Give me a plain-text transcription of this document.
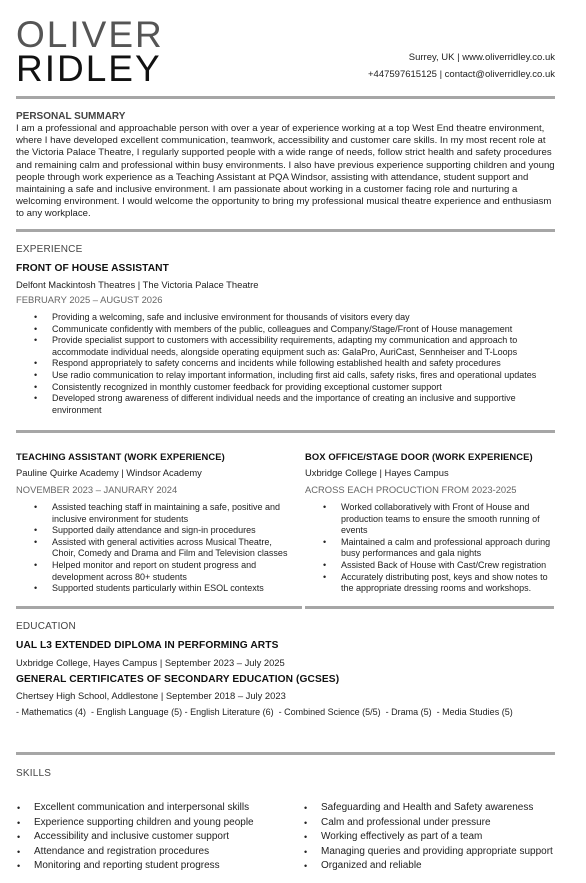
OLIVER
RIDLEY	Surrey, UK | www.oliverridley.co.uk
+447597615125 | contact@oliverridley.co.uk
PERSONAL SUMMARY
I am a professional and approachable person with over a year of experience working at a top West End theatre environment, where I have developed excellent communication, teamwork, accessibility and customer care skills. In my most recent role at the Victoria Palace Theatre, I regularly supported people with a wide range of needs, follow strict health and safety procedures and remaining calm and professional within busy environments. I also have previous experience supporting children and young people through work experience as a Teaching Assistant at PQA Windsor, assisting with attendance, student support and maintaining a safe and inclusive environment. I am passionate about working in a customer facing role and nurturing a welcoming environment. I would welcome the opportunity to bring my professional musical theatre experience and enthusiasm to any workplace.
EXPERIENCE
FRONT OF HOUSE ASSISTANT
Delfont Mackintosh Theatres | The Victoria Palace Theatre
FEBRUARY 2025 – AUGUST 2026
• Providing a welcoming, safe and inclusive environment for thousands of visitors every day
• Communicate confidently with members of the public, colleagues and Company/Stage/Front of House management
• Provide specialist support to customers with accessibility requirements, adapting my communication and approach to accommodate individual needs, alongside operating equipment such as: GalaPro, AuriCast, Sennheiser and T-Loops
• Respond appropriately to safety concerns and incidents while following established health and safety procedures
• Use radio communication to relay important information, including first aid calls, safety risks, fires and operational updates
• Consistently recognized in monthly customer feedback for providing exceptional customer support
• Developed strong awareness of different individual needs and the importance of creating an inclusive and supportive environment
TEACHING ASSISTANT (WORK EXPERIENCE)
Pauline Quirke Academy | Windsor Academy
NOVEMBER 2023 – JANURARY 2024
• Assisted teaching staff in maintaining a safe, positive and inclusive environment for students
• Supported daily attendance and sign-in procedures
• Assisted with general activities across Musical Theatre, Choir, Comedy and Drama and Film and Television classes
• Helped monitor and report on student progress and development across 80+ students
• Supported students particularly within ESOL contexts
BOX OFFICE/STAGE DOOR (WORK EXPERIENCE)
Uxbridge College | Hayes Campus
ACROSS EACH PROCUCTION FROM 2023-2025
• Worked collaboratively with Front of House and production teams to ensure the smooth running of events
• Maintained a calm and professional approach during busy performances and gala nights
• Assisted Back of House with Cast/Crew registration
• Accurately distributing post, keys and show notes to the appropriate dressing rooms and workshops.
EDUCATION
UAL L3 EXTENDED DIPLOMA IN PERFORMING ARTS
Uxbridge College, Hayes Campus | September 2023 – July 2025
GENERAL CERTIFICATES OF SECONDARY EDUCATION (GCSES)
Chertsey High School, Addlestone | September 2018 – July 2023
- Mathematics (4)  - English Language (5) - English Literature (6)  - Combined Science (5/5)  - Drama (5)  - Media Studies (5)
SKILLS
• Excellent communication and interpersonal skills
• Experience supporting children and young people
• Accessibility and inclusive customer support
• Attendance and registration procedures
• Monitoring and reporting student progress
• Safeguarding and Health and Safety awareness
• Calm and professional under pressure
• Working effectively as part of a team
• Managing queries and providing appropriate support
• Organized and reliable
